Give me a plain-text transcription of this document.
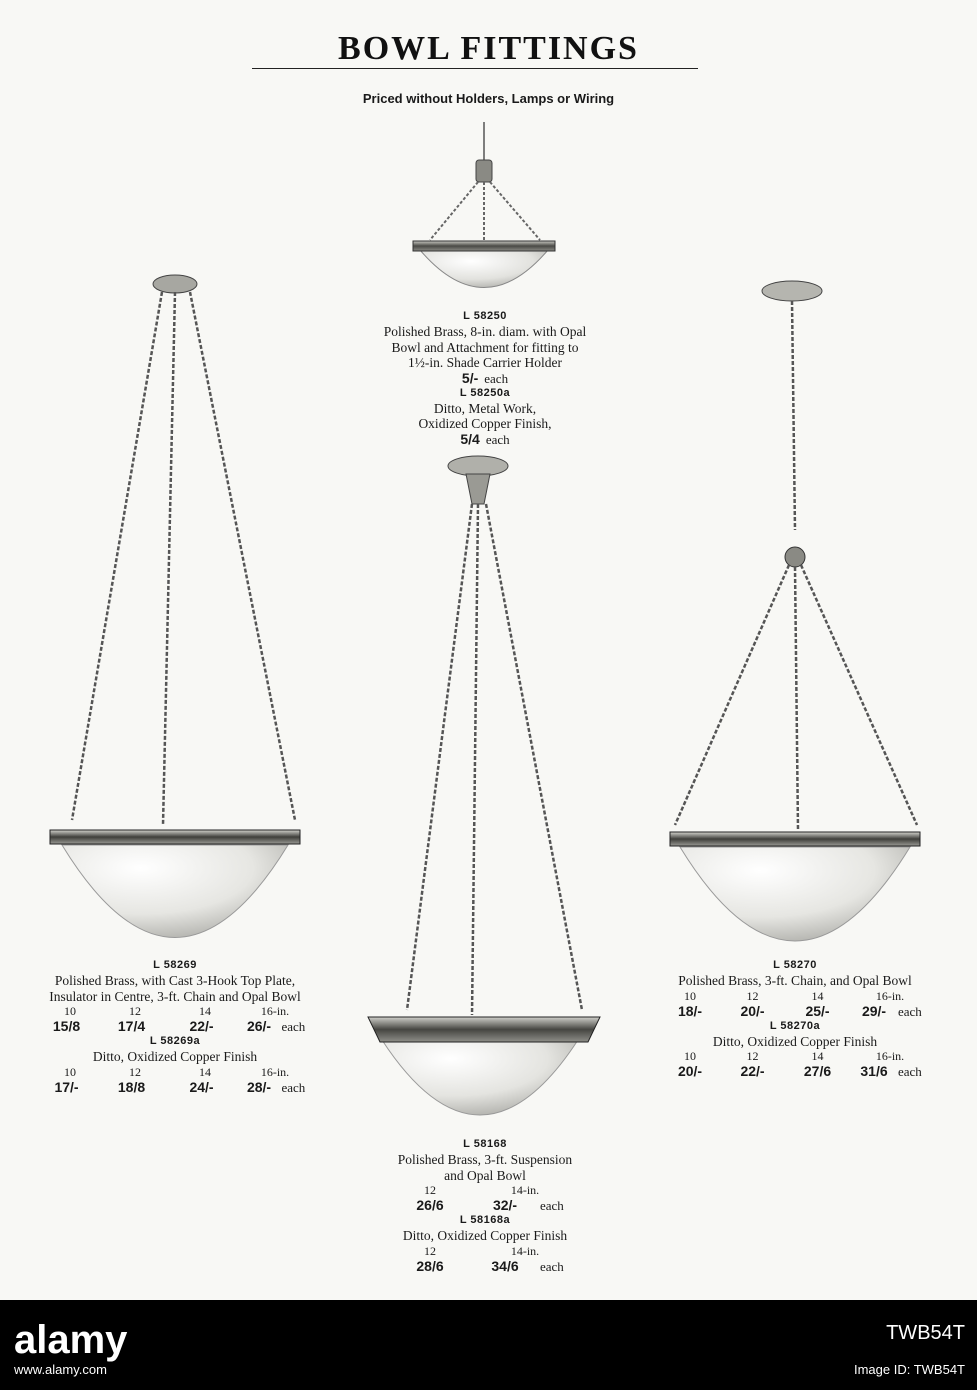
BOWL FITTINGS
Priced without Holders, Lamps or Wiring
L 58250
Polished Brass, 8-in. diam. with Opal
Bowl and Attachment for fitting to
1½-in. Shade Carrier Holder
5/- each
L 58250a
Ditto, Metal Work,
Oxidized Copper Finish,
5/4 each
L 58269
Polished Brass, with Cast 3-Hook Top Plate,
Insulator in Centre, 3-ft. Chain and Opal Bowl
10	12	14	16-in.
15/8	17/4	22/-	26/- each
L 58269a
Ditto, Oxidized Copper Finish
10	12	14	16-in.
17/-	18/8	24/-	28/- each
L 58168
Polished Brass, 3-ft. Suspension
and Opal Bowl
12	14-in.
26/6	32/-	each
L 58168a
Ditto, Oxidized Copper Finish
12	14-in.
28/6	34/6	each
L 58270
Polished Brass, 3-ft. Chain, and Opal Bowl
10	12	14	16-in.
18/-	20/-	25/-	29/- each
L 58270a
Ditto, Oxidized Copper Finish
10	12	14	16-in.
20/-	22/-	27/6	31/6 each
alamy	TWB54T
www.alamy.com	Image ID: TWB54T
